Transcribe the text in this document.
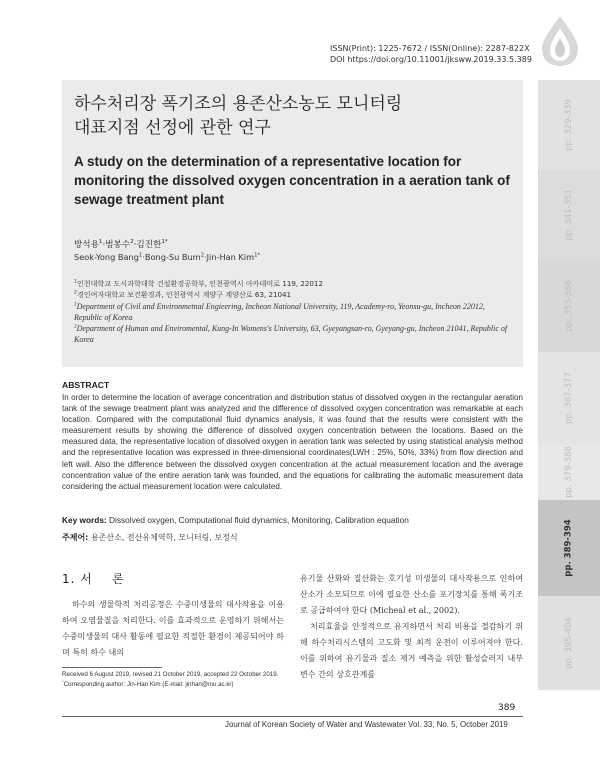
ISSN(Print): 1225-7672 / ISSN(Online): 2287-822X
DOI https://doi.org/10.11001/jksww.2019.33.5.389
하수처리장 폭기조의 용존산소농도 모니터링
대표지점 선정에 관한 연구
A study on the determination of a representative location for monitoring the dissolved oxygen concentration in a aeration tank of sewage treatment plant
방석용$^1$·범봉수$^2$·김진한$^{1*}$
Seok-Yong Bang$^1$·Bong-Su Bum$^2$·Jin-Han Kim$^{1*}$
$^1$인천대학교 도시과학대학 건설환경공학부, 인천광역시 아카데미로 119, 22012
$^2$경인여자대학교 보건환경과, 인천광역시 계양구 계양산로 63, 21041
$^1$Department of Civil and Environmetnal Engieering, Incheon National University, 119, Academy-ro, Yeonsu-gu, Incheon 22012, Republic of Korea
$^2$Department of Human and Enviromental, Kung-In Womens's University, 63, Gyeyangsan-ro, Gyeyang-gu, Incheon 21041, Republic of Korea
pp. 329-339
pp. 341-351
pp. 353-366
pp. 367-377
pp. 379-388
pp. 389-394
pp. 395-404
ABSTRACT
In order to determine the location of average concentration and distribution status of dissolved oxygen in the rectangular aeration tank of the sewage treatment plant was analyzed and the difference of dissolved oxygen concentration was remarkable at each location. Compared with the computational fluid dynamics analysis, it was found that the results were consistent with the measurement results by showing the difference of dissolved oxygen concentration between the locations. Based on the measured data, the representative location of dissolved oxygen in aeration tank was selected by using statistical analysis method and the representative location was expressed in three-dimensional coordinates(LWH : 25%, 50%, 33%) from flow direction and left wall. Also the difference between the dissolved oxygen concentration at the actual measurement location and the average concentration value of the entire aeration tank was founded, and the equations for calibrating the automatic measurement data considering the actual measurement location were calculated.
Key words: Dissolved oxygen, Computational fluid dynamics, Monitoring, Calibration equation
주제어: 용존산소, 전산유체역학, 모니터링, 보정식
1. 서    론
하수의 생물학적 처리공정은 수중미생물의 대사작용을 이용하여 오염물질을 처리한다. 이를 효과적으로 운영하기 위해서는 수중미생물의 대사 활동에 필요한 적절한 환경이 제공되어야 하며 특히 하수 내의
유기물 산화와 질산화는 호기성 미생물의 대사작용으로 인하여 산소가 소모되므로 이에 필요한 산소를 포기장치를 통해 폭기조로 공급하여야 한다 (Micheal et al., 2002).
처리효율을 안정적으로 유지하면서 처리 비용을 절감하기 위해 하수처리시스템의 고도화 및 최적 운전이 이루어져야 한다. 이를 위하여 유기물과 질소 제거 예측을 위한 활성슬러지 내부 변수 간의 상호관계를
Received 6 August 2019, revised 21 October 2019, accepted 22 October 2019.
*Corresponding author: Jin-Han Kim (E-mail: jinhan@inu.ac.kr)
389
Journal of Korean Society of Water and Wastewater Vol. 33, No. 5, October 2019
